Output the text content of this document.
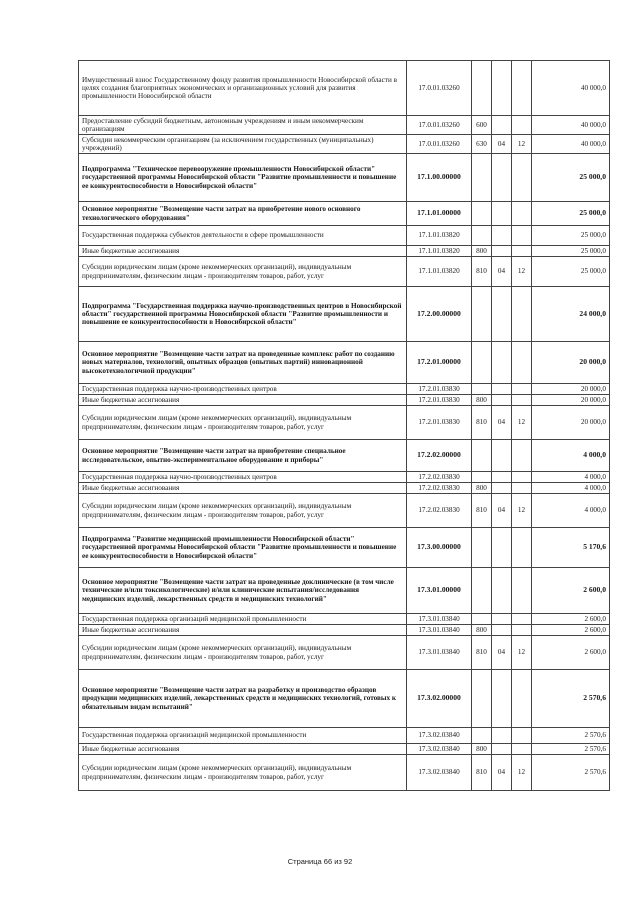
Имущественный взнос Государственному фонду развития промышленности Новосибирской области в целях создания благоприятных экономических и организационных условий для развития промышленности Новосибирской области	17.0.01.03260				40 000,0
Предоставление субсидий бюджетным, автономным учреждениям и иным некоммерческим организациям	17.0.01.03260	600			40 000,0
Субсидии некоммерческим организациям (за исключением государственных (муниципальных) учреждений)	17.0.01.03260	630	04	12	40 000,0
Подпрограмма "Техническое перевооружение промышленности Новосибирской области" государственной программы Новосибирской области "Развитие промышленности и повышение ее конкурентоспособности в Новосибирской области"	17.1.00.00000				25 000,0
Основное мероприятие "Возмещение части затрат на приобретение нового основного технологического оборудования"	17.1.01.00000				25 000,0
Государственная поддержка субъектов деятельности в сфере промышленности	17.1.01.03820				25 000,0
Иные бюджетные ассигнования	17.1.01.03820	800			25 000,0
Субсидии юридическим лицам (кроме некоммерческих организаций), индивидуальным предпринимателям, физическим лицам - производителям товаров, работ, услуг	17.1.01.03820	810	04	12	25 000,0
Подпрограмма "Государственная поддержка научно-производственных центров в Новосибирской области" государственной программы Новосибирской области "Развитие промышленности и повышение ее конкурентоспособности в Новосибирской области"	17.2.00.00000				24 000,0
Основное мероприятие "Возмещение части затрат на проведенные комплекс работ по созданию новых материалов, технологий, опытных образцов (опытных партий) инновационной высокотехнологичной продукции"	17.2.01.00000				20 000,0
Государственная поддержка научно-производственных центров	17.2.01.03830				20 000,0
Иные бюджетные ассигнования	17.2.01.03830	800			20 000,0
Субсидии юридическим лицам (кроме некоммерческих организаций), индивидуальным предпринимателям, физическим лицам - производителям товаров, работ, услуг	17.2.01.03830	810	04	12	20 000,0
Основное мероприятие "Возмещение части затрат на приобретение специальное исследовательское, опытно-экспериментальное оборудование и приборы"	17.2.02.00000				4 000,0
Государственная поддержка научно-производственных центров	17.2.02.03830				4 000,0
Иные бюджетные ассигнования	17.2.02.03830	800			4 000,0
Субсидии юридическим лицам (кроме некоммерческих организаций), индивидуальным предпринимателям, физическим лицам - производителям товаров, работ, услуг	17.2.02.03830	810	04	12	4 000,0
Подпрограмма "Развитие медицинской промышленности Новосибирской области" государственной программы Новосибирской области "Развитие промышленности и повышение ее конкурентоспособности в Новосибирской области"	17.3.00.00000				5 170,6
Основное мероприятие "Возмещение части затрат на проведенные доклинические (в том числе технические и/или токсикологические) и/или клинические испытания/исследования медицинских изделий, лекарственных средств и медицинских технологий"	17.3.01.00000				2 600,0
Государственная поддержка организаций медицинской промышленности	17.3.01.03840				2 600,0
Иные бюджетные ассигнования	17.3.01.03840	800			2 600,0
Субсидии юридическим лицам (кроме некоммерческих организаций), индивидуальным предпринимателям, физическим лицам - производителям товаров, работ, услуг	17.3.01.03840	810	04	12	2 600,0
Основное мероприятие "Возмещение части затрат на разработку и производство образцов продукции медицинских изделий, лекарственных средств и медицинских технологий, готовых к обязательным видам испытаний"	17.3.02.00000				2 570,6
Государственная поддержка организаций медицинской промышленности	17.3.02.03840				2 570,6
Иные бюджетные ассигнования	17.3.02.03840	800			2 570,6
Субсидии юридическим лицам (кроме некоммерческих организаций), индивидуальным предпринимателям, физическим лицам - производителям товаров, работ, услуг	17.3.02.03840	810	04	12	2 570,6
Страница 66 из 92
